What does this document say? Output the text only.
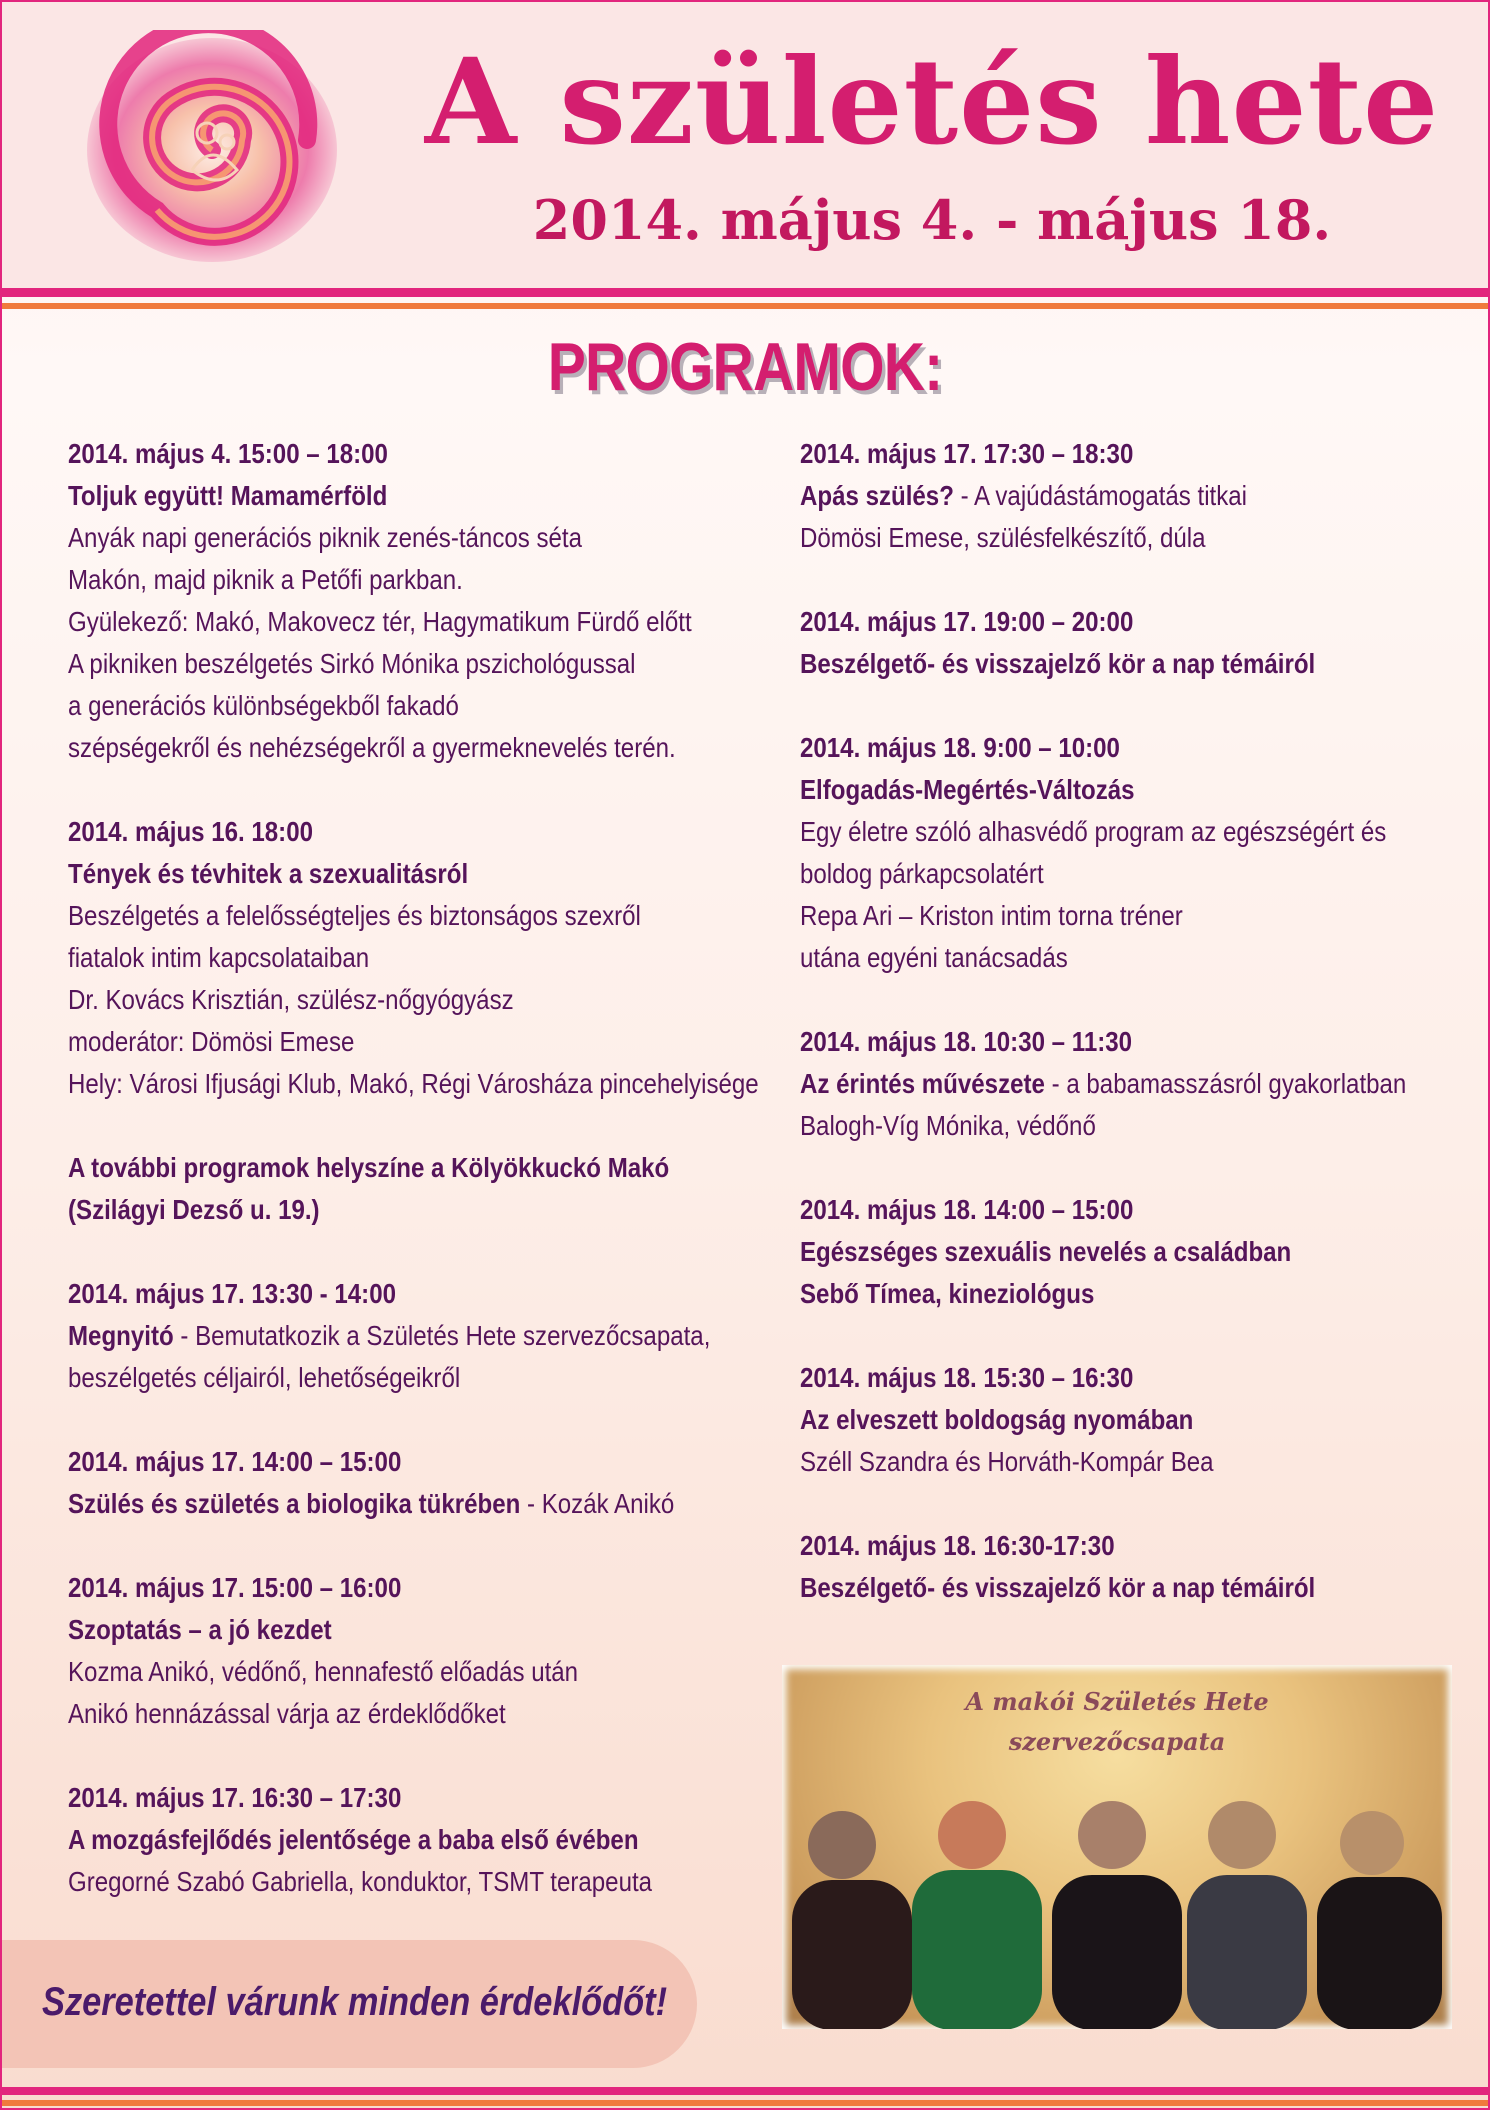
A születés hete
2014. május 4. - május 18.
PROGRAMOK:
2014. május 4. 15:00 – 18:00
Toljuk együtt! Mamamérföld
Anyák napi generációs piknik zenés-táncos séta
Makón, majd piknik a Petőfi parkban.
Gyülekező: Makó, Makovecz tér, Hagymatikum Fürdő előtt
A pikniken beszélgetés Sirkó Mónika pszichológussal
a generációs különbségekből fakadó
szépségekről és nehézségekről a gyermeknevelés terén.
2014. május 16. 18:00
Tények és tévhitek a szexualitásról
Beszélgetés a felelősségteljes és biztonságos szexről
fiatalok intim kapcsolataiban
Dr. Kovács Krisztián, szülész-nőgyógyász
moderátor: Dömösi Emese
Hely: Városi Ifjusági Klub, Makó, Régi Városháza pincehelyisége
A további programok helyszíne a Kölyökkuckó Makó
(Szilágyi Dezső u. 19.)
2014. május 17. 13:30 - 14:00
Megnyitó - Bemutatkozik a Születés Hete szervezőcsapata,
beszélgetés céljairól, lehetőségeikről
2014. május 17. 14:00 – 15:00
Szülés és születés a biologika tükrében - Kozák Anikó
2014. május 17. 15:00 – 16:00
Szoptatás – a jó kezdet
Kozma Anikó, védőnő, hennafestő előadás után
Anikó hennázással várja az érdeklődőket
2014. május 17. 16:30 – 17:30
A mozgásfejlődés jelentősége a baba első évében
Gregorné Szabó Gabriella, konduktor, TSMT terapeuta
2014. május 17. 17:30 – 18:30
Apás szülés? - A vajúdástámogatás titkai
Dömösi Emese, szülésfelkészítő, dúla
2014. május 17. 19:00 – 20:00
Beszélgető- és visszajelző kör a nap témáiról
2014. május 18. 9:00 – 10:00
Elfogadás-Megértés-Változás
Egy életre szóló alhasvédő program az egészségért és
boldog párkapcsolatért
Repa Ari – Kriston intim torna tréner
utána egyéni tanácsadás
2014. május 18. 10:30 – 11:30
Az érintés művészete - a babamasszásról gyakorlatban
Balogh-Víg Mónika, védőnő
2014. május 18. 14:00 – 15:00
Egészséges szexuális nevelés a családban
Sebő Tímea, kineziológus
2014. május 18. 15:30 – 16:30
Az elveszett boldogság nyomában
Széll Szandra és Horváth-Kompár Bea
2014. május 18. 16:30-17:30
Beszélgető- és visszajelző kör a nap témáiról
A makói Születés Hete
szervezőcsapata
Szeretettel várunk minden érdeklődőt!
